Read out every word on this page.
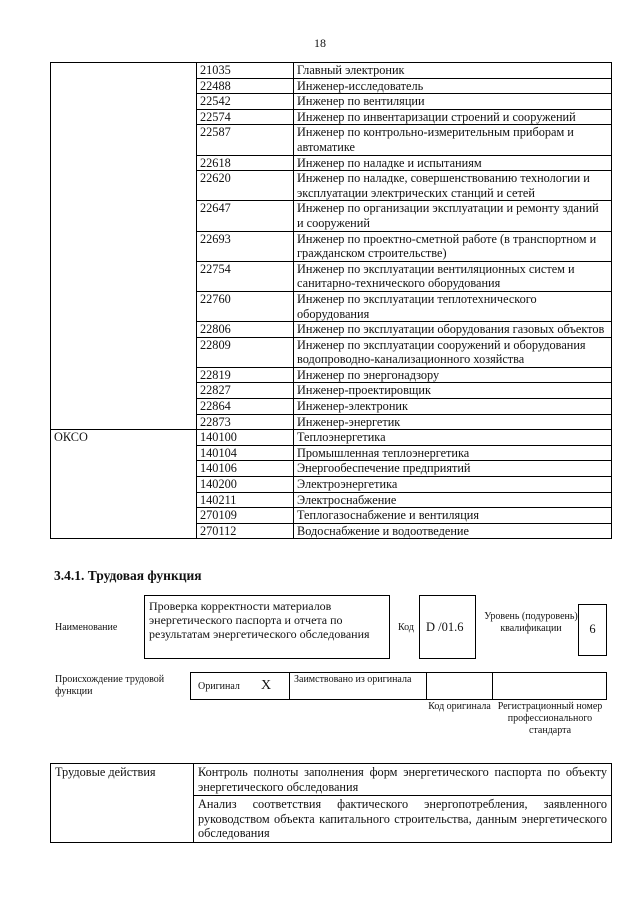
18
	21035	Главный электроник
	22488	Инженер-исследователь
	22542	Инженер по вентиляции
	22574	Инженер по инвентаризации строений и сооружений
	22587	Инженер по контрольно-измерительным приборам и автоматике
	22618	Инженер по наладке и испытаниям
	22620	Инженер по наладке, совершенствованию технологии и эксплуатации электрических станций и сетей
	22647	Инженер по организации эксплуатации и ремонту зданий и сооружений
	22693	Инженер по проектно-сметной работе (в транспортном и гражданском строительстве)
	22754	Инженер по эксплуатации вентиляционных систем и санитарно-технического оборудования
	22760	Инженер по эксплуатации теплотехнического оборудования
	22806	Инженер по эксплуатации оборудования газовых объектов
	22809	Инженер по эксплуатации сооружений и оборудования водопроводно-канализационного хозяйства
	22819	Инженер по энергонадзору
	22827	Инженер-проектировщик
	22864	Инженер-электроник
	22873	Инженер-энергетик
ОКСО	140100	Теплоэнергетика
	140104	Промышленная теплоэнергетика
	140106	Энергообеспечение предприятий
	140200	Электроэнергетика
	140211	Электроснабжение
	270109	Теплогазоснабжение и вентиляция
	270112	Водоснабжение и водоотведение
3.4.1. Трудовая функция
Наименование
Проверка корректности материалов энергетического паспорта и отчета по результатам энергетического обследования	Код D /01.6
Уровень (подуровень) квалификации	6
Происхождение трудовой функции	Оригинал X Заимствовано из оригинала
Код оригинала Регистрационный номер профессионального стандарта
Трудовые действия	Контроль полноты заполнения форм энергетического паспорта по объекту энергетического обследования
Анализ соответствия фактического энергопотребления, заявленного руководством объекта капитального строительства, данным энергетического обследования
